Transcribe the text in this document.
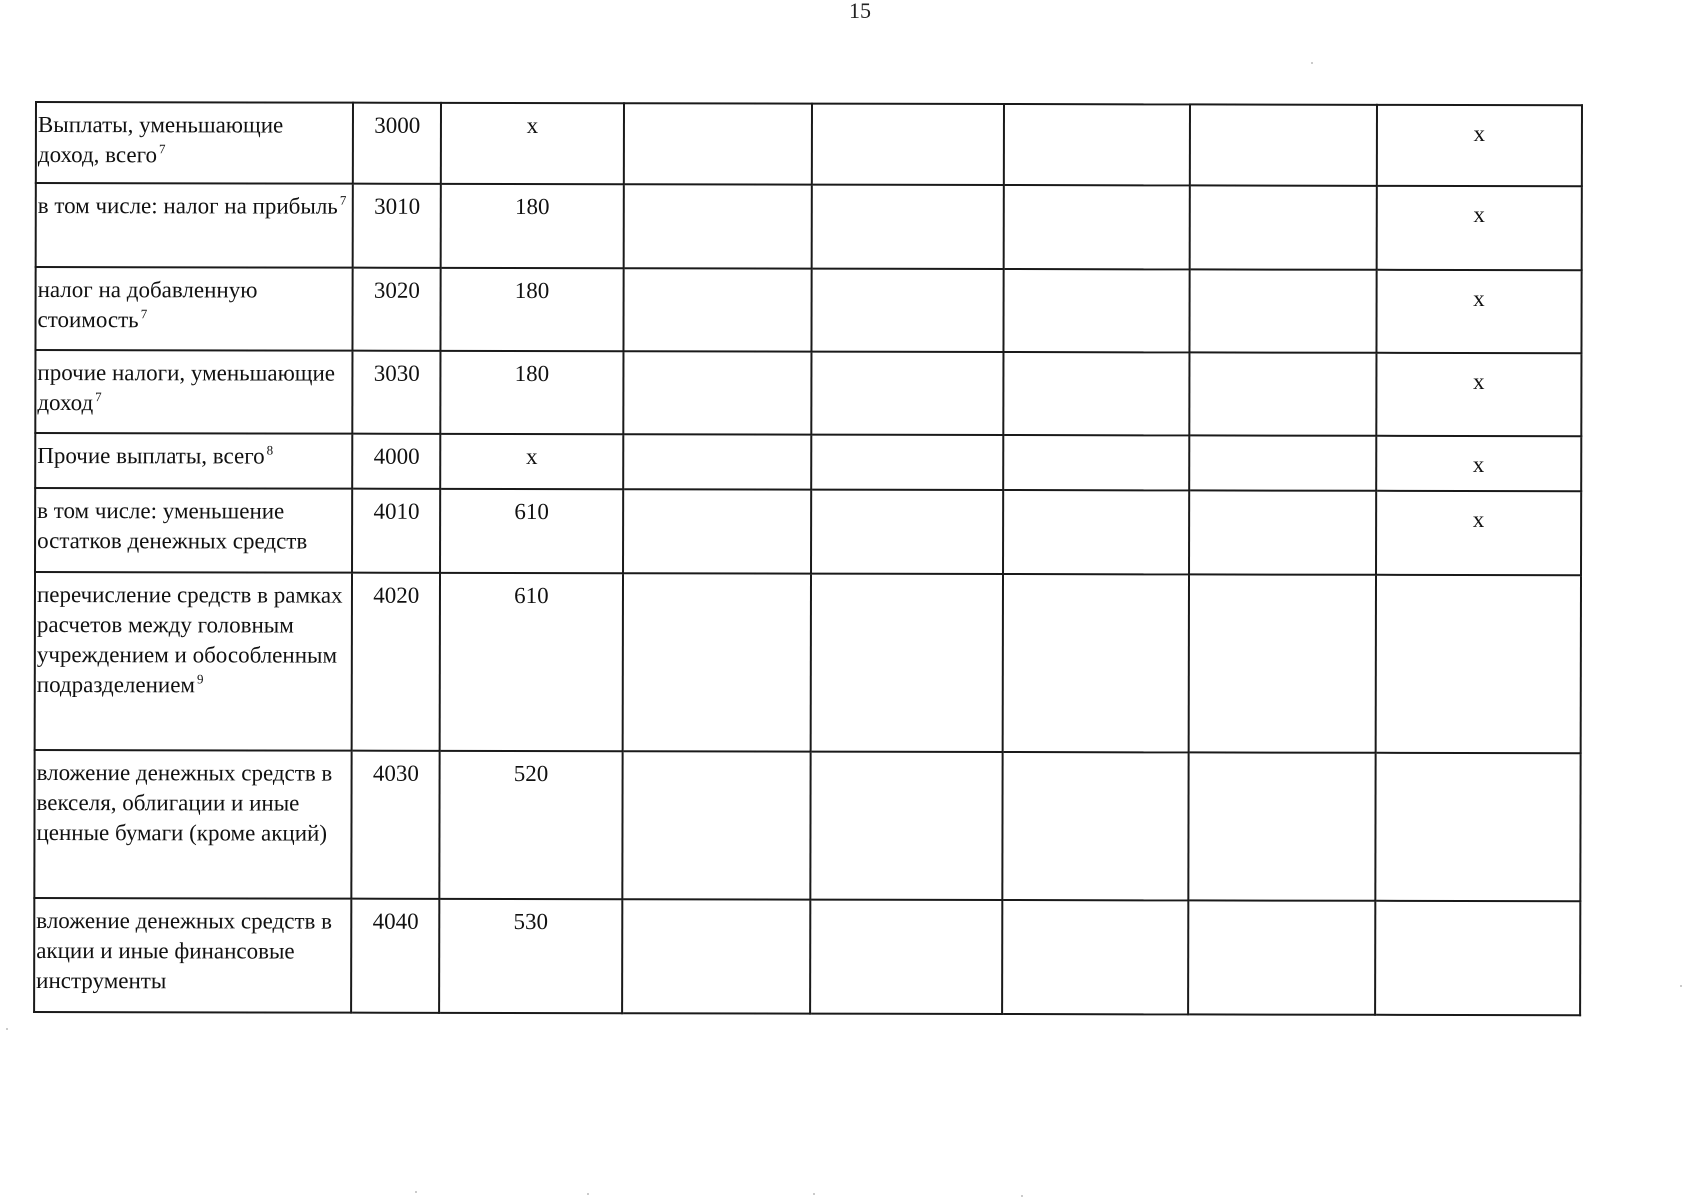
15
Выплаты, уменьшающие доход, всего $^7$	3000	x					x
в том числе: налог на прибыль $^7$	3010	180					x
налог на добавленную стоимость $^7$	3020	180					x
прочие налоги, уменьшающие доход $^7$	3030	180					x
Прочие выплаты, всего $^8$	4000	x					x
в том числе: уменьшение остатков денежных средств	4010	610					x
перечисление средств в рамках расчетов между головным учреждением и обособленным подразделением $^9$	4020	610					
вложение денежных средств в векселя, облигации и иные ценные бумаги (кроме акций)	4030	520					
вложение денежных средств в акции и иные финансовые инструменты	4040	530					
